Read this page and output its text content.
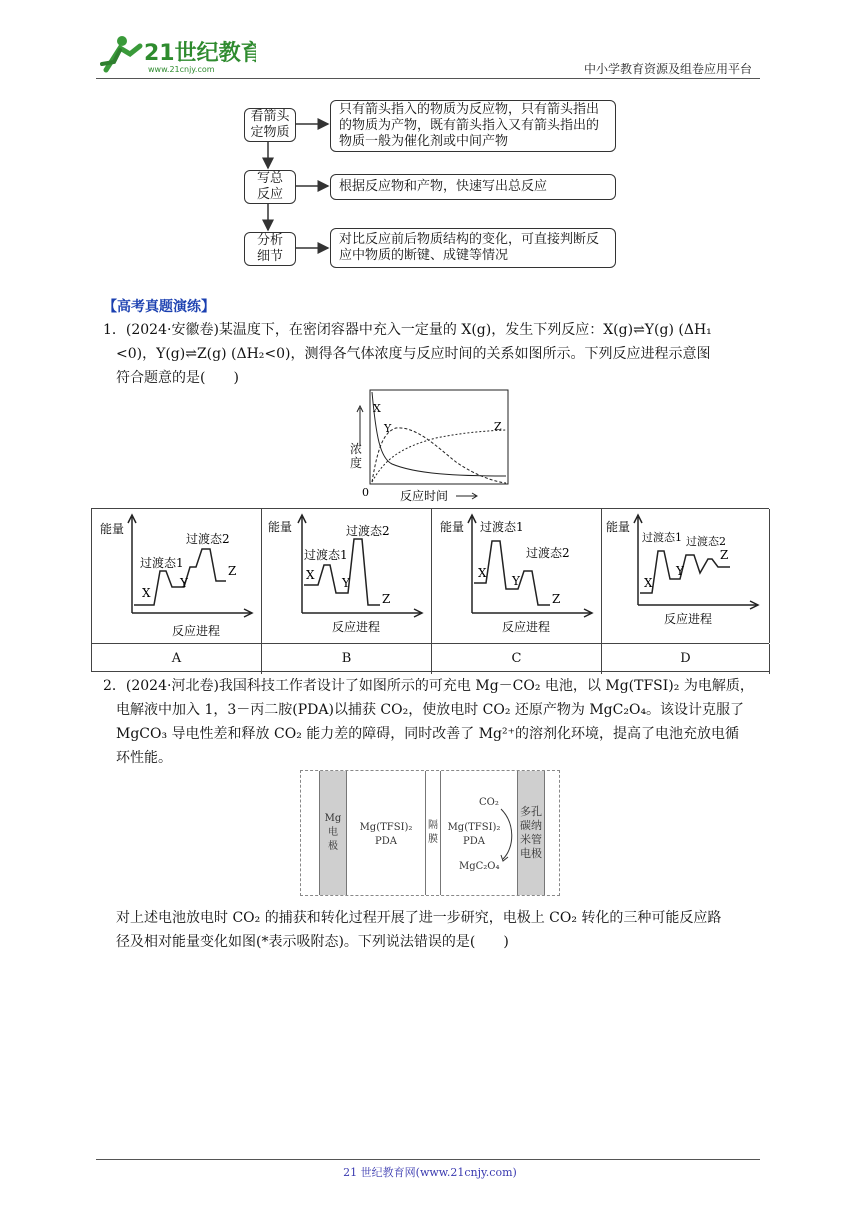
21世纪教育
www.21cnjy.com	中小学教育资源及组卷应用平台
看箭头
定物质
只有箭头指入的物质为反应物，只有箭头指出的物质为产物，既有箭头指入又有箭头指出的物质一般为催化剂或中间产物
写总
反应
根据反应物和产物，快速写出总反应
分析
细节
对比反应前后物质结构的变化，可直接判断反应中物质的断键、成键等情况
【高考真题演练】
1．(2024·安徽卷)某温度下，在密闭容器中充入一定量的 X(g)，发生下列反应：X(g)⇌Y(g) (ΔH₁
<0)，Y(g)⇌Z(g) (ΔH₂<0)，测得各气体浓度与反应时间的关系如图所示。下列反应进程示意图
符合题意的是(　　)
X
Y	Z
0	反应时间
浓度
X
Y
Z
过渡态1
过渡态2
反应进程
能量
X
Y
Z
过渡态1
过渡态2
反应进程
能量
X
Y
Z
过渡态1
过渡态2
反应进程
能量
X
Y
Z
过渡态1 过渡态2
反应进程
能量
A	B	C	D
2．(2024·河北卷)我国科技工作者设计了如图所示的可充电 Mg－CO₂ 电池，以 Mg(TFSI)₂ 为电解质，
电解液中加入 1，3－丙二胺(PDA)以捕获 CO₂，使放电时 CO₂ 还原产物为 MgC₂O₄。该设计克服了
MgCO₃ 导电性差和释放 CO₂ 能力差的障碍，同时改善了 Mg²⁺的溶剂化环境，提高了电池充放电循
环性能。
Mg
电
极
Mg(TFSI)₂
PDA
隔
膜
Mg(TFSI)₂
PDA
CO₂
MgC₂O₄
多孔
碳纳
米管
电极
对上述电池放电时 CO₂ 的捕获和转化过程开展了进一步研究，电极上 CO₂ 转化的三种可能反应路
径及相对能量变化如图(*表示吸附态)。下列说法错误的是(　　)
21 世纪教育网(www.21cnjy.com)
